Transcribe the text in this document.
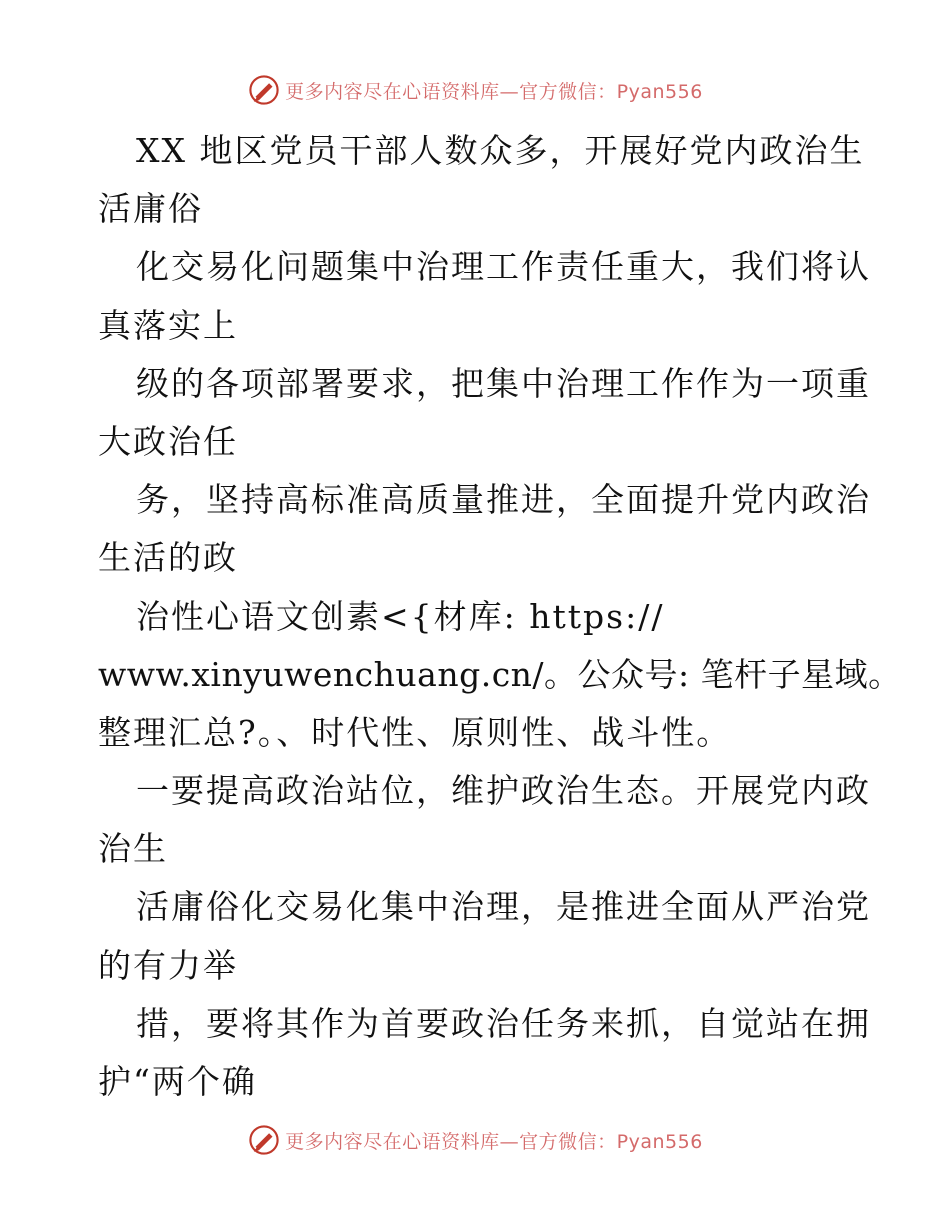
更多内容尽在心语资料库—官方微信：Pyan556
XX 地区党员干部人数众多，开展好党内政治生
活庸俗
化交易化问题集中治理工作责任重大，我们将认
真落实上
级的各项部署要求，把集中治理工作作为一项重
大政治任
务，坚持高标准高质量推进，全面提升党内政治
生活的政
治性心语文创素<{材库: https://
www.xinyuwenchuang.cn/。公众号: 笔杆子星域。
整理汇总?。、时代性、原则性、战斗性。
一要提高政治站位，维护政治生态。开展党内政
治生
活庸俗化交易化集中治理，是推进全面从严治党
的有力举
措，要将其作为首要政治任务来抓，自觉站在拥
护“两个确
更多内容尽在心语资料库—官方微信：Pyan556
